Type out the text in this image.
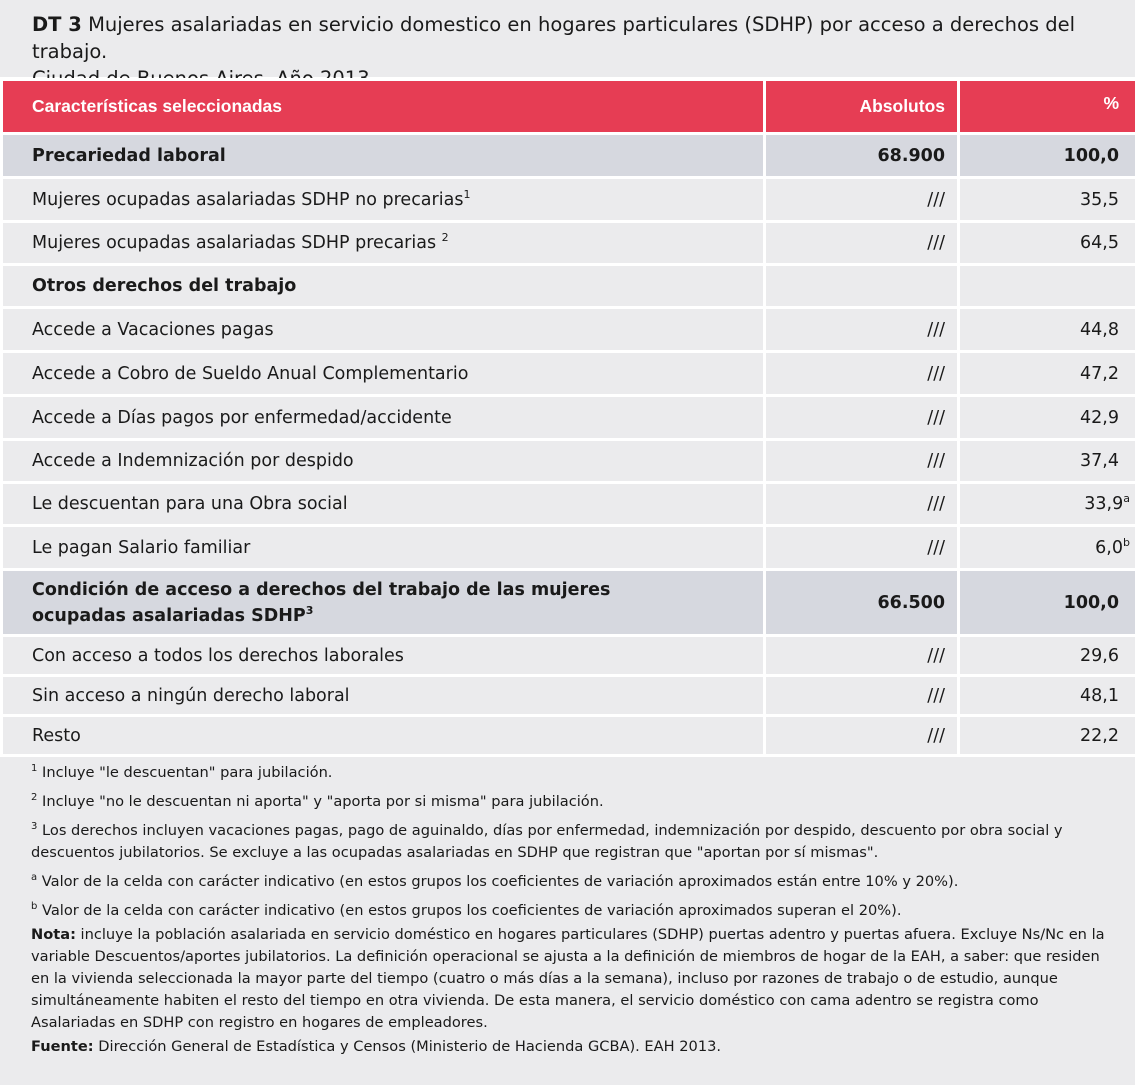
DT 3 Mujeres asalariadas en servicio domestico en hogares particulares (SDHP) por acceso a derechos del trabajo.

Características seleccionadas	Absolutos	%
Precariedad laboral	68.900	100,0
Mujeres ocupadas asalariadas SDHP no precarias$^1$	///	35,5
Mujeres ocupadas asalariadas SDHP precarias $^2$	///	64,5
Otros derechos del trabajo		
Accede a Vacaciones pagas	///	44,8
Accede a Cobro de Sueldo Anual Complementario	///	47,2
Accede a Días pagos por enfermedad/accidente	///	42,9
Accede a Indemnización por despido	///	37,4
Le descuentan para una Obra social	///	33,9$^a$
Le pagan Salario familiar	///	6,0$^b$
Condición de acceso a derechos del trabajo de las mujeres ocupadas asalariadas SDHP$^3$	66.500	100,0
Con acceso a todos los derechos laborales	///	29,6
Sin acceso a ningún derecho laboral	///	48,1
Resto	///	22,2
$^1$ Incluye "le descuentan" para jubilación.
$^2$ Incluye "no le descuentan ni aporta" y "aporta por si misma" para jubilación.
$^3$ Los derechos incluyen vacaciones pagas, pago de aguinaldo, días por enfermedad, indemnización por despido, descuento por obra social y descuentos jubilatorios. Se excluye a las ocupadas asalariadas en SDHP que registran que "aportan por sí mismas".
$^a$ Valor de la celda con carácter indicativo (en estos grupos los coeficientes de variación aproximados están entre 10% y 20%).
$^b$ Valor de la celda con carácter indicativo (en estos grupos los coeficientes de variación aproximados superan el 20%).
Nota: incluye la población asalariada en servicio doméstico en hogares particulares (SDHP) puertas adentro y puertas afuera. Excluye Ns/Nc en la variable Descuentos/aportes jubilatorios. La definición operacional se ajusta a la definición de miembros de hogar de la EAH, a saber: que residen en la vivienda seleccionada la mayor parte del tiempo (cuatro o más días a la semana), incluso por razones de trabajo o de estudio, aunque simultáneamente habiten el resto del tiempo en otra vivienda. De esta manera, el servicio doméstico con cama adentro se registra como Asalariadas en SDHP con registro en hogares de empleadores.
Fuente: Dirección General de Estadística y Censos (Ministerio de Hacienda GCBA). EAH 2013.
